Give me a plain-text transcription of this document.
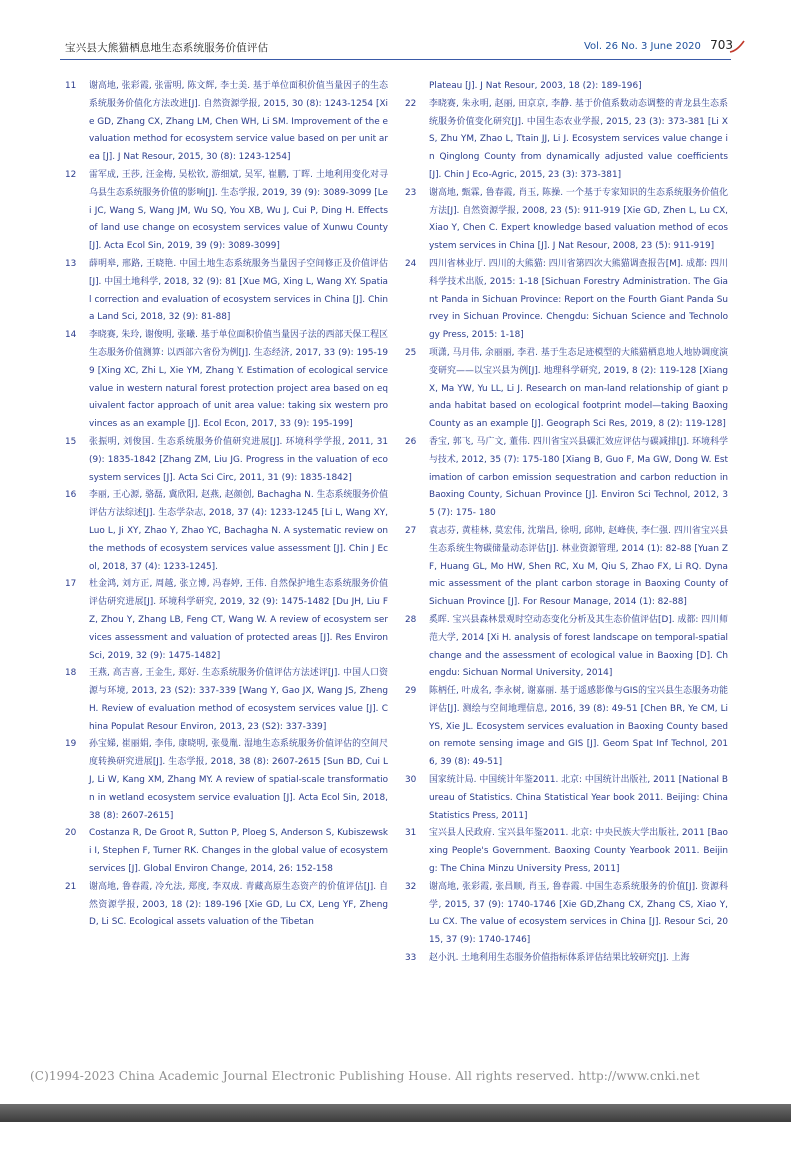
宝兴县大熊猫栖息地生态系统服务价值评估	Vol. 26 No. 3 June 2020 703
11	谢高地, 张彩霞, 张雷明, 陈文辉, 李士美. 基于单位面积价值当量因子的生态系统服务价值化方法改进[J]. 自然资源学报, 2015, 30 (8): 1243-1254 [Xie GD, Zhang CX, Zhang LM, Chen WH, Li SM. Improvement of the evaluation method for ecosystem service value based on per unit area [J]. J Nat Resour, 2015, 30 (8): 1243-1254]
12	雷军成, 王莎, 汪金梅, 吴松钦, 游细斌, 吴军, 崔鹏, 丁晖. 土地利用变化对寻乌县生态系统服务价值的影响[J]. 生态学报, 2019, 39 (9): 3089-3099 [Lei JC, Wang S, Wang JM, Wu SQ, You XB, Wu J, Cui P, Ding H. Effects of land use change on ecosystem services value of Xunwu County [J]. Acta Ecol Sin, 2019, 39 (9): 3089-3099]
13	薛明皋, 邢路, 王晓艳. 中国土地生态系统服务当量因子空间修正及价值评估[J]. 中国土地科学, 2018, 32 (9): 81 [Xue MG, Xing L, Wang XY. Spatial correction and evaluation of ecosystem services in China [J]. China Land Sci, 2018, 32 (9): 81-88]
14	李晓赛, 朱玲, 谢俊明, 张曦. 基于单位面积价值当量因子法的西部天保工程区生态服务价值测算: 以西部六省份为例[J]. 生态经济, 2017, 33 (9): 195-199 [Xing XC, Zhi L, Xie YM, Zhang Y. Estimation of ecological service value in western natural forest protection project area based on equivalent factor approach of unit area value: taking six western provinces as an example [J]. Ecol Econ, 2017, 33 (9): 195-199]
15	张振明, 刘俊国. 生态系统服务价值研究进展[J]. 环境科学学报, 2011, 31 (9): 1835-1842 [Zhang ZM, Liu JG. Progress in the valuation of ecosystem services [J]. Acta Sci Circ, 2011, 31 (9): 1835-1842]
16	李丽, 王心源, 骆磊, 冀欣阳, 赵燕, 赵颜创, Bachagha N. 生态系统服务价值评估方法综述[J]. 生态学杂志, 2018, 37 (4): 1233-1245 [Li L, Wang XY, Luo L, Ji XY, Zhao Y, Zhao YC, Bachagha N. A systematic review on the methods of ecosystem services value assessment [J]. Chin J Ecol, 2018, 37 (4): 1233-1245].
17	杜金鸿, 刘方正, 周越, 张立博, 冯春婷, 王伟. 自然保护地生态系统服务价值评估研究进展[J]. 环境科学研究, 2019, 32 (9): 1475-1482 [Du JH, Liu FZ, Zhou Y, Zhang LB, Feng CT, Wang W. A review of ecosystem services assessment and valuation of protected areas [J]. Res Environ Sci, 2019, 32 (9): 1475-1482]
18	王燕, 高吉喜, 王金生, 郑好. 生态系统服务价值评估方法述评[J]. 中国人口资源与环境, 2013, 23 (S2): 337-339 [Wang Y, Gao JX, Wang JS, Zheng H. Review of evaluation method of ecosystem services value [J]. China Populat Resour Environ, 2013, 23 (S2): 337-339]
19	孙宝娣, 崔丽娟, 李伟, 康晓明, 张曼胤. 湿地生态系统服务价值评估的空间尺度转换研究进展[J]. 生态学报, 2018, 38 (8): 2607-2615 [Sun BD, Cui LJ, Li W, Kang XM, Zhang MY. A review of spatial-scale transformation in wetland ecosystem service evaluation [J]. Acta Ecol Sin, 2018, 38 (8): 2607-2615]
20	Costanza R, De Groot R, Sutton P, Ploeg S, Anderson S, Kubiszewski I, Stephen F, Turner RK. Changes in the global value of ecosystem services [J]. Global Environ Change, 2014, 26: 152-158
21	谢高地, 鲁春霞, 冷允法, 郑度, 李双成. 青藏高原生态资产的价值评估[J]. 自然资源学报, 2003, 18 (2): 189-196 [Xie GD, Lu CX, Leng YF, Zheng D, Li SC. Ecological assets valuation of the Tibetan
Plateau [J]. J Nat Resour, 2003, 18 (2): 189-196]
22	李晓赛, 朱永明, 赵丽, 田京京, 李静. 基于价值系数动态调整的青龙县生态系统服务价值变化研究[J]. 中国生态农业学报, 2015, 23 (3): 373-381 [Li XS, Zhu YM, Zhao L, Ttain JJ, Li J. Ecosystem services value change in Qinglong County from dynamically adjusted value coefficients [J]. Chin J Eco-Agric, 2015, 23 (3): 373-381]
23	谢高地, 甄霖, 鲁春霞, 肖玉, 陈操. 一个基于专家知识的生态系统服务价值化方法[J]. 自然资源学报, 2008, 23 (5): 911-919 [Xie GD, Zhen L, Lu CX, Xiao Y, Chen C. Expert knowledge based valuation method of ecosystem services in China [J]. J Nat Resour, 2008, 23 (5): 911-919]
24	四川省林业厅. 四川的大熊猫: 四川省第四次大熊猫调查报告[M]. 成都: 四川科学技术出版, 2015: 1-18 [Sichuan Forestry Administration. The Giant Panda in Sichuan Province: Report on the Fourth Giant Panda Survey in Sichuan Province. Chengdu: Sichuan Science and Technology Press, 2015: 1-18]
25	项潇, 马月伟, 余丽丽, 李君. 基于生态足迹模型的大熊猫栖息地人地协调度演变研究——以宝兴县为例[J]. 地理科学研究, 2019, 8 (2): 119-128 [Xiang X, Ma YW, Yu LL, Li J. Research on man-land relationship of giant panda habitat based on ecological footprint model—taking Baoxing County as an example [J]. Geograph Sci Res, 2019, 8 (2): 119-128]
26	香宝, 郭飞, 马广文, 董伟. 四川省宝兴县碳汇效应评估与碳减排[J]. 环境科学与技术, 2012, 35 (7): 175-180 [Xiang B, Guo F, Ma GW, Dong W. Estimation of carbon emission sequestration and carbon reduction in Baoxing County, Sichuan Province [J]. Environ Sci Technol, 2012, 35 (7): 175- 180
27	袁志芬, 黄桂林, 莫宏伟, 沈瑞昌, 徐明, 邱帅, 赵峰侠, 李仁强. 四川省宝兴县生态系统生物碳储量动态评估[J]. 林业资源管理, 2014 (1): 82-88 [Yuan ZF, Huang GL, Mo HW, Shen RC, Xu M, Qiu S, Zhao FX, Li RQ. Dynamic assessment of the plant carbon storage in Baoxing County of Sichuan Province [J]. For Resour Manage, 2014 (1): 82-88]
28	奚晖. 宝兴县森林景观时空动态变化分析及其生态价值评估[D]. 成都: 四川师范大学, 2014 [Xi H. analysis of forest landscape on temporal-spatial change and the assessment of ecological value in Baoxing [D]. Chengdu: Sichuan Normal University, 2014]
29	陈柄任, 叶成名, 李永树, 谢嘉丽. 基于遥感影像与GIS的宝兴县生态服务功能评估[J]. 测绘与空间地理信息, 2016, 39 (8): 49-51 [Chen BR, Ye CM, Li YS, Xie JL. Ecosystem services evaluation in Baoxing County based on remote sensing image and GIS [J]. Geom Spat Inf Technol, 2016, 39 (8): 49-51]
30	国家统计局. 中国统计年鉴2011. 北京: 中国统计出版社, 2011 [National Bureau of Statistics. China Statistical Year book 2011. Beijing: China Statistics Press, 2011]
31	宝兴县人民政府. 宝兴县年鉴2011. 北京: 中央民族大学出版社, 2011 [Baoxing People's Government. Baoxing County Yearbook 2011. Beijing: The China Minzu University Press, 2011]
32	谢高地, 张彩霞, 张昌顺, 肖玉, 鲁春霞. 中国生态系统服务的价值[J]. 资源科学, 2015, 37 (9): 1740-1746 [Xie GD,Zhang CX, Zhang CS, Xiao Y, Lu CX. The value of ecosystem services in China [J]. Resour Sci, 2015, 37 (9): 1740-1746]
33	赵小汎. 土地利用生态服务价值指标体系评估结果比较研究[J]. 上海
(C)1994-2023 China Academic Journal Electronic Publishing House. All rights reserved. http://www.cnki.net
